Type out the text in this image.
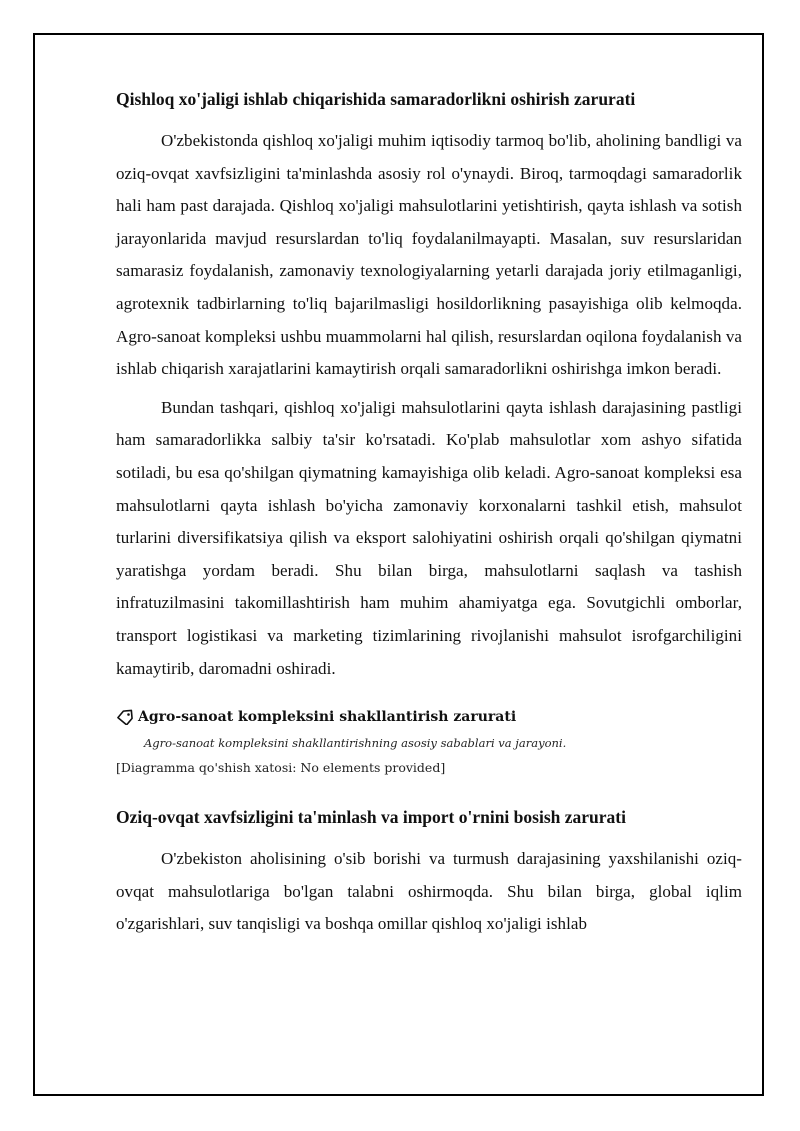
Qishloq xo'jaligi ishlab chiqarishida samaradorlikni oshirish zarurati

O'zbekistonda qishloq xo'jaligi muhim iqtisodiy tarmoq bo'lib, aholining bandligi va oziq-ovqat xavfsizligini ta'minlashda asosiy rol o'ynaydi. Biroq, tarmoqdagi samaradorlik hali ham past darajada. Qishloq xo'jaligi mahsulotlarini yetishtirish, qayta ishlash va sotish jarayonlarida mavjud resurslardan to'liq foydalanilmayapti. Masalan, suv resurslaridan samarasiz foydalanish, zamonaviy texnologiyalarning yetarli darajada joriy etilmaganligi, agrotexnik tadbirlarning to'liq bajarilmasligi hosildorlikning pasayishiga olib kelmoqda. Agro-sanoat kompleksi ushbu muammolarni hal qilish, resurslardan oqilona foydalanish va ishlab chiqarish xarajatlarini kamaytirish orqali samaradorlikni oshirishga imkon beradi.

Bundan tashqari, qishloq xo'jaligi mahsulotlarini qayta ishlash darajasining pastligi ham samaradorlikka salbiy ta'sir ko'rsatadi. Ko'plab mahsulotlar xom ashyo sifatida sotiladi, bu esa qo'shilgan qiymatning kamayishiga olib keladi. Agro-sanoat kompleksi esa mahsulotlarni qayta ishlash bo'yicha zamonaviy korxonalarni tashkil etish, mahsulot turlarini diversifikatsiya qilish va eksport salohiyatini oshirish orqali qo'shilgan qiymatni yaratishga yordam beradi. Shu bilan birga, mahsulotlarni saqlash va tashish infratuzilmasini takomillashtirish ham muhim ahamiyatga ega. Sovutgichli omborlar, transport logistikasi va marketing tizimlarining rivojlanishi mahsulot isrofgarchiligini kamaytirib, daromadni oshiradi.

Agro-sanoat kompleksini shakllantirish zarurati
Agro-sanoat kompleksini shakllantirishning asosiy sabablari va jarayoni.
[Diagramma qo'shish xatosi: No elements provided]
Oziq-ovqat xavfsizligini ta'minlash va import o'rnini bosish zarurati

O'zbekiston aholisining o'sib borishi va turmush darajasining yaxshilanishi oziq-ovqat mahsulotlariga bo'lgan talabni oshirmoqda. Shu bilan birga, global iqlim o'zgarishlari, suv tanqisligi va boshqa omillar qishloq xo'jaligi ishlab
